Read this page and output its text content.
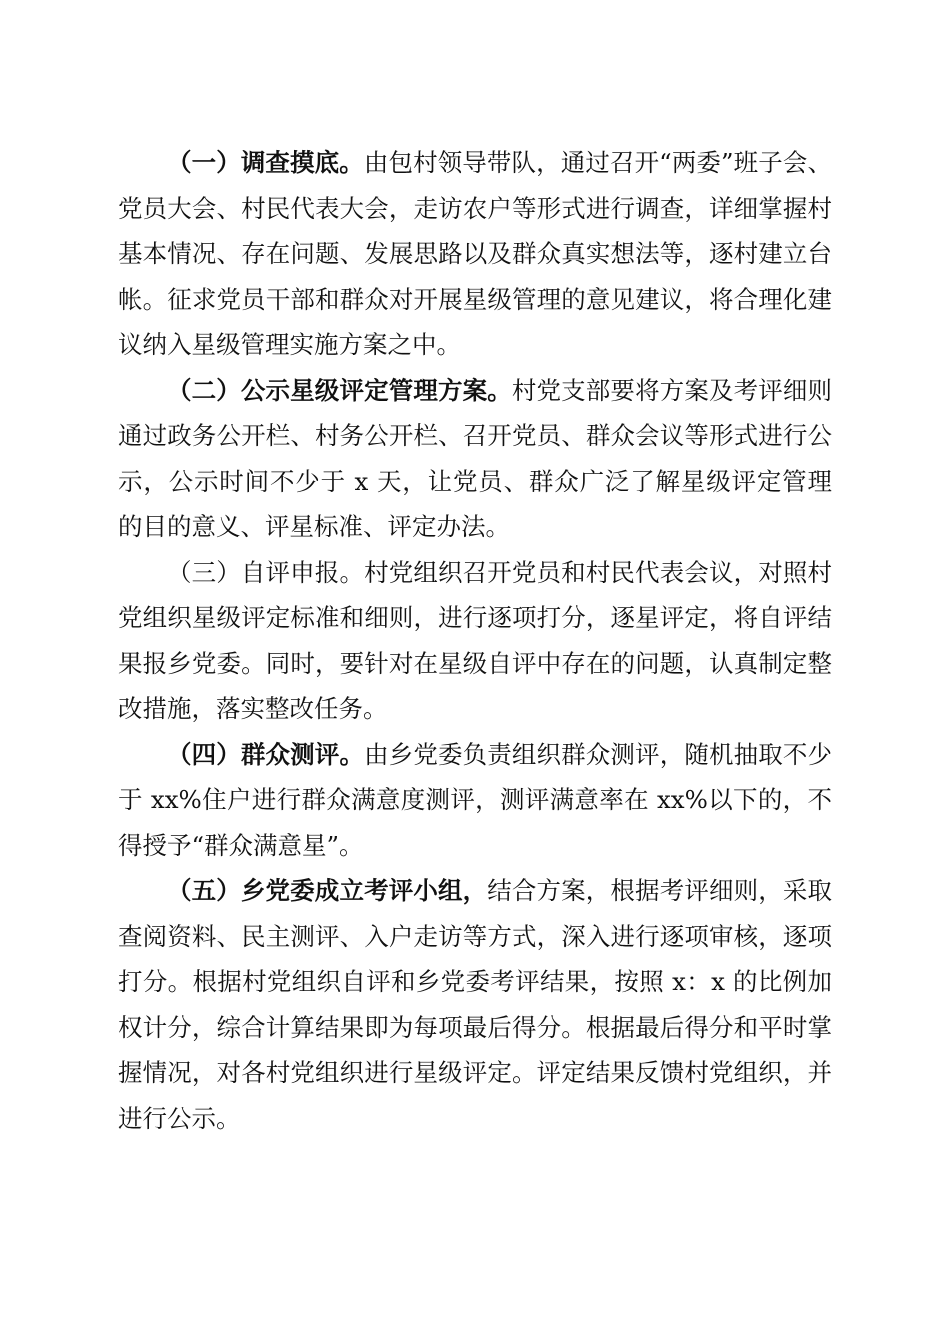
（一）调查摸底。由包村领导带队，通过召开“两委”班子会、党员大会、村民代表大会，走访农户等形式进行调查，详细掌握村基本情况、存在问题、发展思路以及群众真实想法等，逐村建立台帐。征求党员干部和群众对开展星级管理的意见建议，将合理化建议纳入星级管理实施方案之中。

（二）公示星级评定管理方案。村党支部要将方案及考评细则通过政务公开栏、村务公开栏、召开党员、群众会议等形式进行公示，公示时间不少于 x 天，让党员、群众广泛了解星级评定管理的目的意义、评星标准、评定办法。

（三）自评申报。村党组织召开党员和村民代表会议，对照村党组织星级评定标准和细则，进行逐项打分，逐星评定，将自评结果报乡党委。同时，要针对在星级自评中存在的问题，认真制定整改措施，落实整改任务。

（四）群众测评。由乡党委负责组织群众测评，随机抽取不少于 xx%住户进行群众满意度测评，测评满意率在 xx%以下的，不得授予“群众满意星”。

（五）乡党委成立考评小组，结合方案，根据考评细则，采取查阅资料、民主测评、入户走访等方式，深入进行逐项审核，逐项打分。根据村党组织自评和乡党委考评结果，按照 x：x 的比例加权计分，综合计算结果即为每项最后得分。根据最后得分和平时掌握情况，对各村党组织进行星级评定。评定结果反馈村党组织，并进行公示。
